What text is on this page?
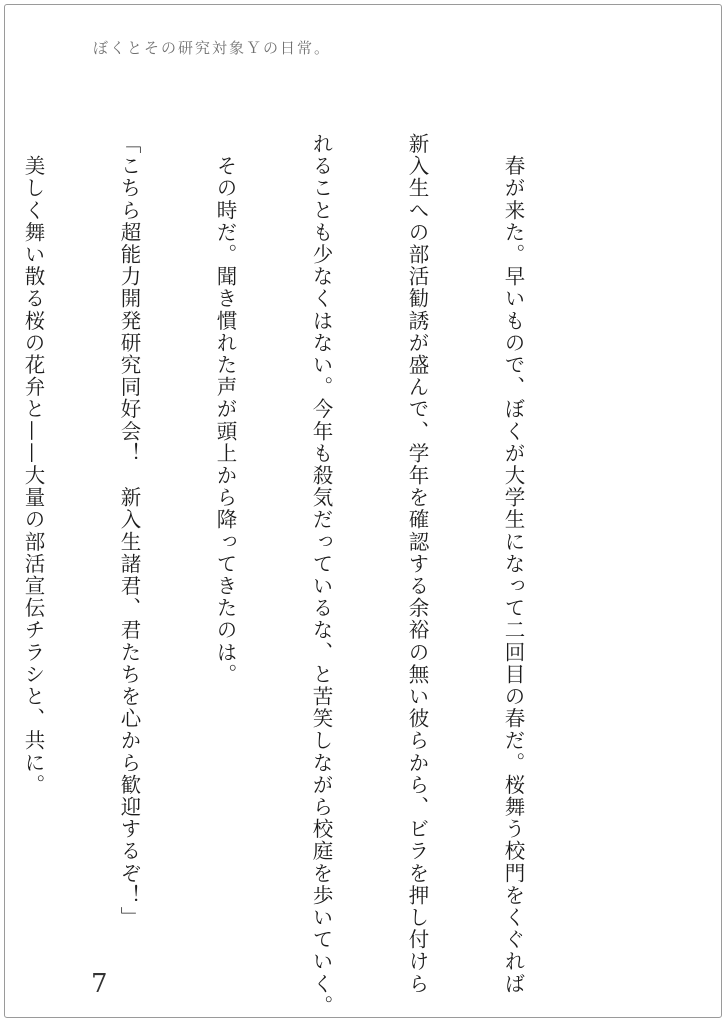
ぼくとその研究対象Ｙの日常。

　春が来た。早いもので、ぼくが大学生になって二回目の春だ。桜舞う校門をくぐれば

新入生への部活勧誘が盛んで、学年を確認する余裕の無い彼らから、ビラを押し付けら

れることも少なくはない。今年も殺気だっているな、と苦笑しながら校庭を歩いていく。

　その時だ。聞き慣れた声が頭上から降ってきたのは。

「こちら超能力開発研究同好会！　新入生諸君、君たちを心から歓迎するぞ！」

　美しく舞い散る桜の花弁と——大量の部活宣伝チラシと、共に。

7
